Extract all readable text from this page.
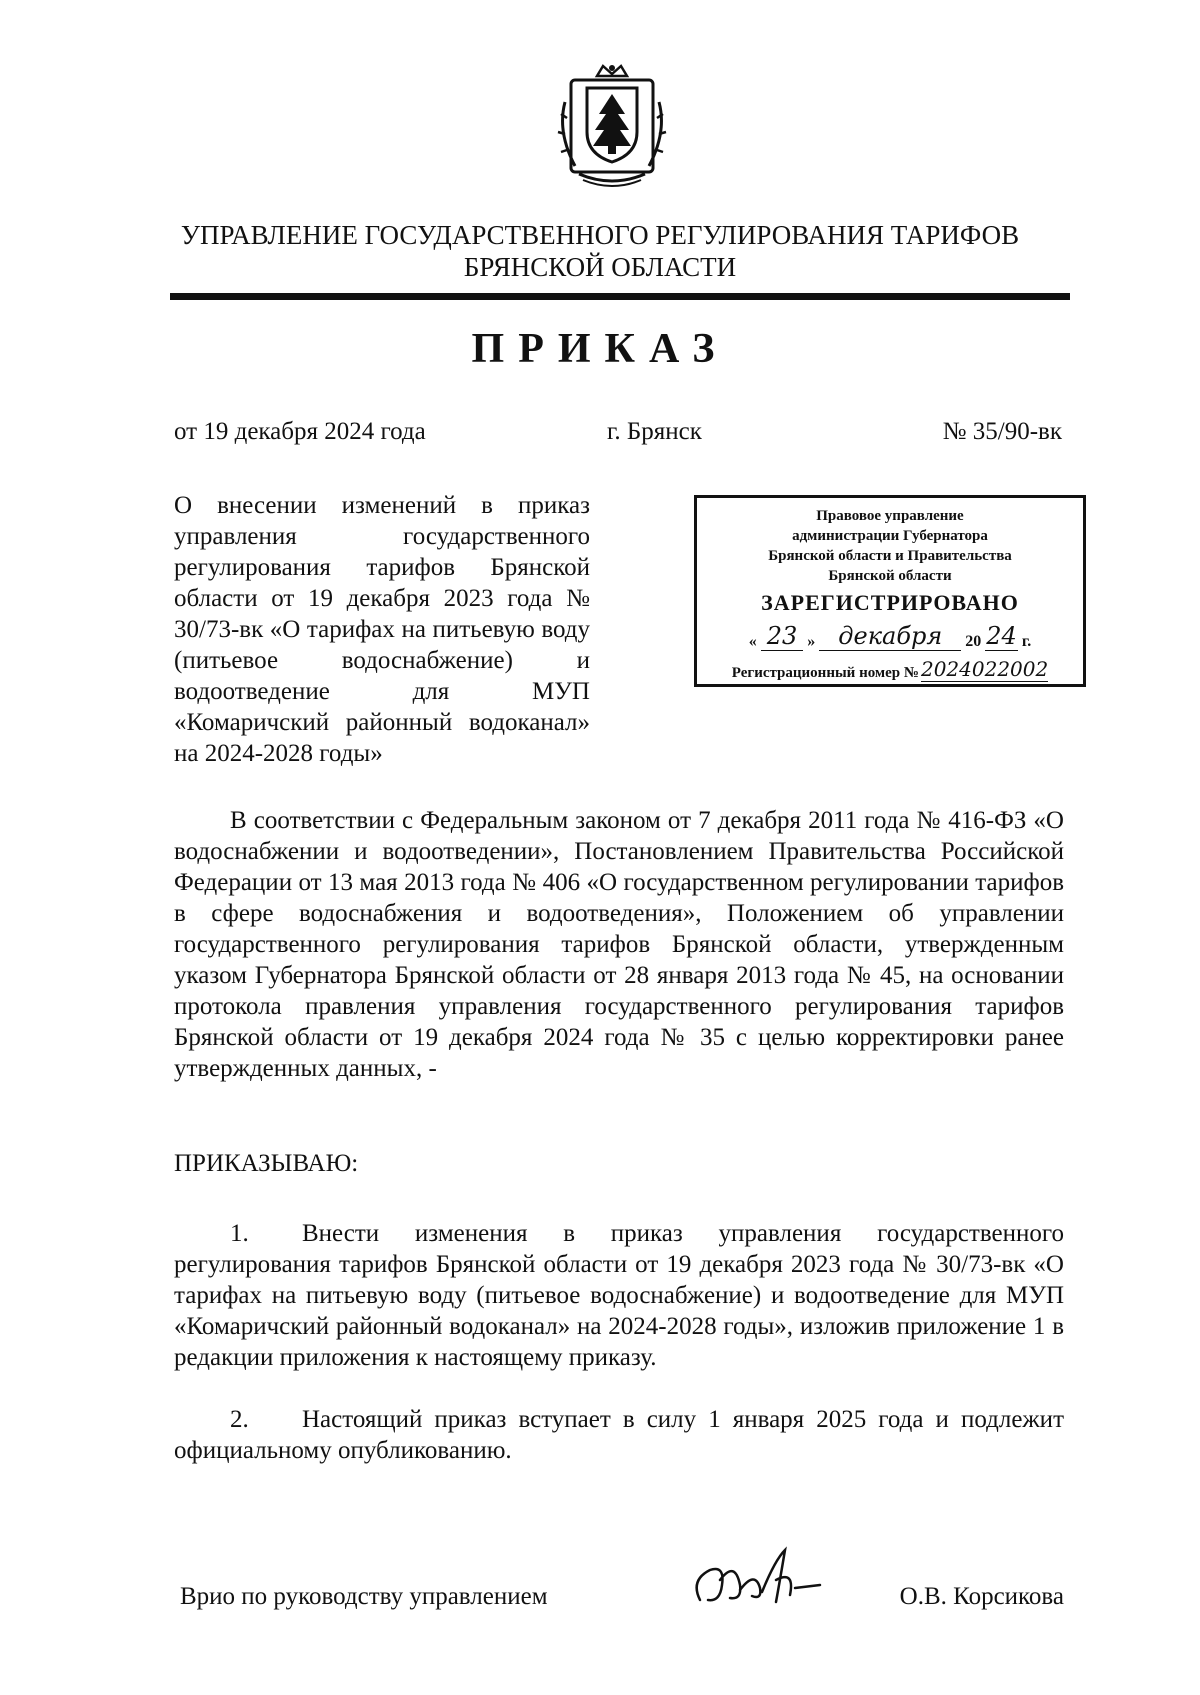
УПРАВЛЕНИЕ ГОСУДАРСТВЕННОГО РЕГУЛИРОВАНИЯ ТАРИФОВ
БРЯНСКОЙ ОБЛАСТИ
ПРИКАЗ
от 19 декабря 2024 года	г. Брянск	№ 35/90-вк
О внесении изменений в приказ управления государственного регулирования тарифов Брянской области от 19 декабря 2023 года № 30/73-вк «О тарифах на питьевую воду (питьевое водоснабжение) и водоотведение для МУП «Комаричский районный водоканал» на 2024-2028 годы»
Правовое управление
администрации Губернатора
Брянской области и Правительства
Брянской области
ЗАРЕГИСТРИРОВАНО
« 23 » декабря	20 24 г.
Регистрационный номер № 2024022002
В соответствии с Федеральным законом от 7 декабря 2011 года № 416-ФЗ «О водоснабжении и водоотведении», Постановлением Правительства Российской Федерации от 13 мая 2013 года № 406 «О государственном регулировании тарифов в сфере водоснабжения и водоотведения», Положением об управлении государственного регулирования тарифов Брянской области, утвержденным указом Губернатора Брянской области от 28 января 2013 года № 45, на основании протокола правления управления государственного регулирования тарифов Брянской области от 19 декабря 2024 года № 35 с целью корректировки ранее утвержденных данных, -
ПРИКАЗЫВАЮ:
1. Внести изменения в приказ управления государственного регулирования тарифов Брянской области от 19 декабря 2023 года № 30/73-вк «О тарифах на питьевую воду (питьевое водоснабжение) и водоотведение для МУП «Комаричский районный водоканал» на 2024-2028 годы», изложив приложение 1 в редакции приложения к настоящему приказу.
2. Настоящий приказ вступает в силу 1 января 2025 года и подлежит официальному опубликованию.
Врио по руководству управлением	О.В. Корсикова
